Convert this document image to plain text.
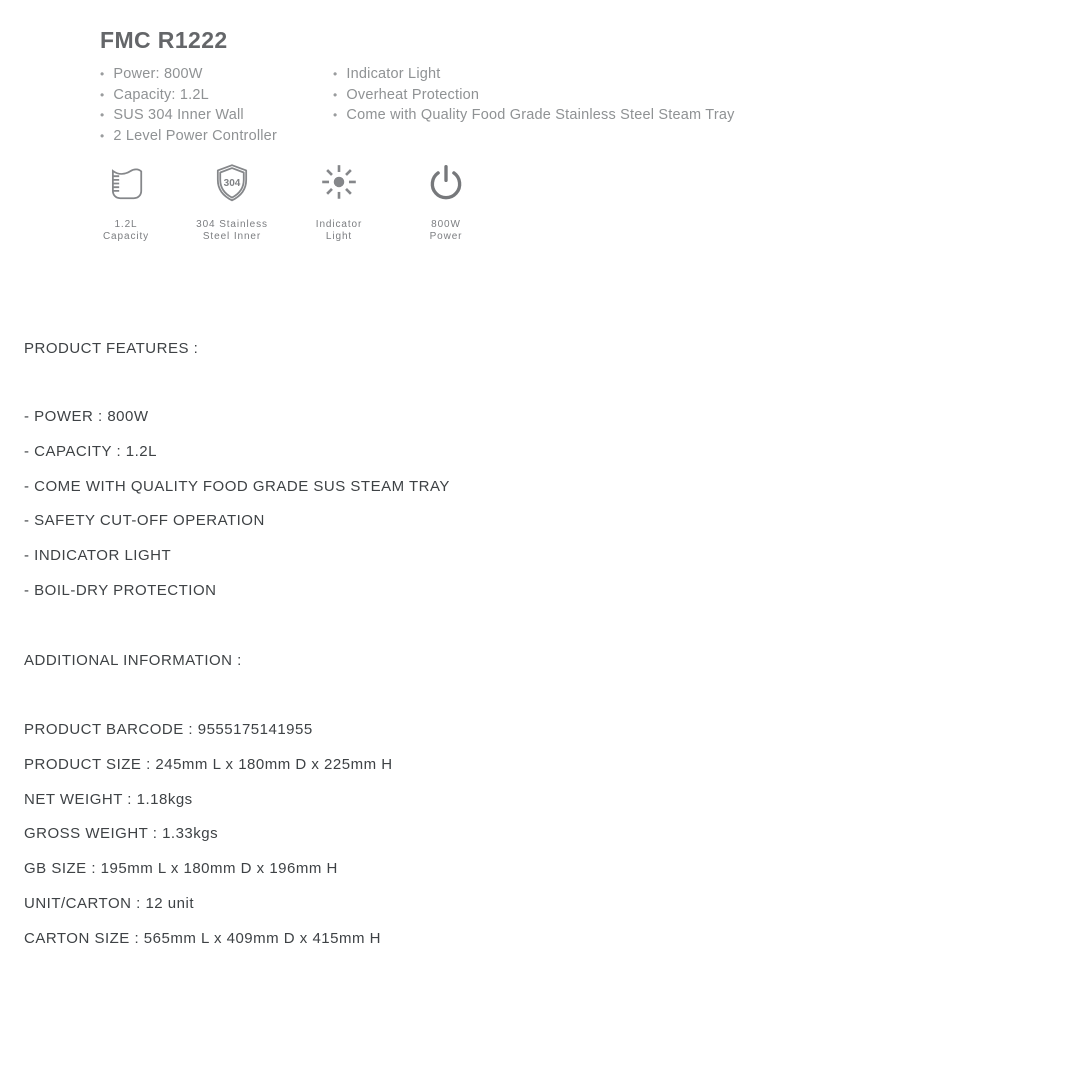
FMC R1222
• Power: 800W
• Capacity: 1.2L
• SUS 304 Inner Wall
• 2 Level Power Controller
• Indicator Light
• Overheat Protection
• Come with Quality Food Grade Stainless Steel Steam Tray
1.2L
Capacity
304
304 Stainless
Steel Inner
Indicator
Light
800W
Power

PRODUCT FEATURES :

- POWER : 800W

- CAPACITY : 1.2L

- COME WITH QUALITY FOOD GRADE SUS STEAM TRAY

- SAFETY CUT-OFF OPERATION

- INDICATOR LIGHT

- BOIL-DRY PROTECTION

ADDITIONAL INFORMATION :

PRODUCT BARCODE : 9555175141955

PRODUCT SIZE : 245mm L x 180mm D x 225mm H

NET WEIGHT : 1.18kgs

GROSS WEIGHT : 1.33kgs

GB SIZE : 195mm L x 180mm D x 196mm H

UNIT/CARTON : 12 unit

CARTON SIZE : 565mm L x 409mm D x 415mm H
